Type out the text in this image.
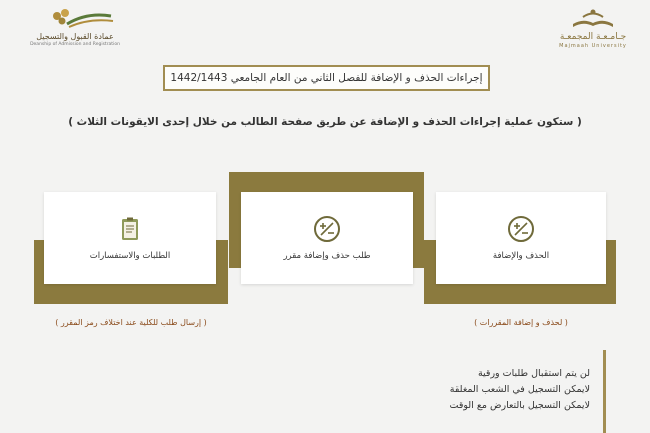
جـامـعـة المجمعـة
Majmaah University
عمادة القبول والتسجيل
Deanship of Admission and Registration
إجراءات الحذف و الإضافة للفصل الثاني من العام الجامعي 1442/1443
( ستكون عملية إجراءات الحذف و الإضافة عن طريق صفحة الطالب من خلال إحدى الايقونات الثلاث )
الحذف والإضافة
( لحذف و إضافة المقررات )
طلب حذف وإضافة مقرر
الطلبات والاستفسارات
( إرسال طلب للكلية عند اختلاف رمز المقرر )
لن يتم استقبال طلبات ورقية
لايمكن التسجيل في الشعب المغلقة
لايمكن التسجيل بالتعارض مع الوقت
